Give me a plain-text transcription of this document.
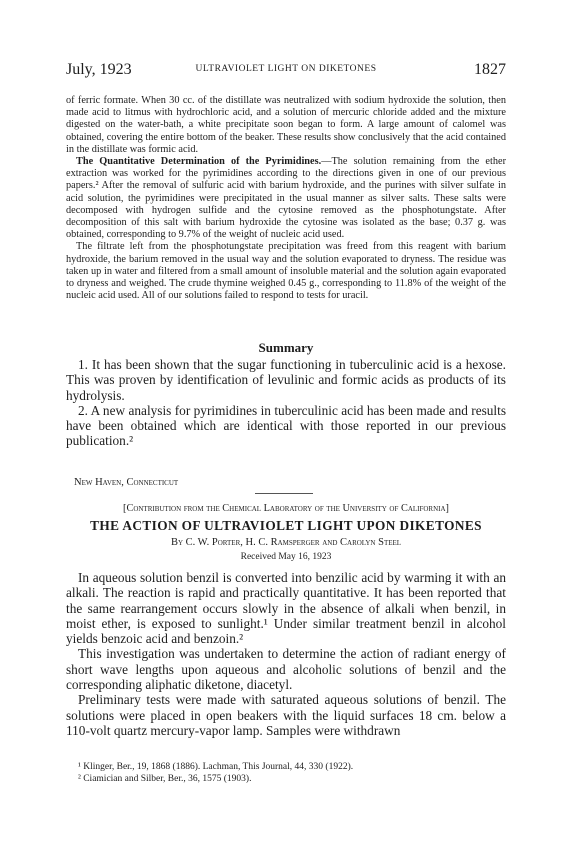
July, 1923	ULTRAVIOLET LIGHT ON DIKETONES	1827

of ferric formate. When 30 cc. of the distillate was neutralized with sodium hydroxide the solution, then made acid to litmus with hydrochloric acid, and a solution of mercuric chloride added and the mixture digested on the water-bath, a white precipitate soon began to form. A large amount of calomel was obtained, covering the entire bottom of the beaker. These results show conclusively that the acid contained in the distillate was formic acid.

The Quantitative Determination of the Pyrimidines.—The solution remaining from the ether extraction was worked for the pyrimidines according to the directions given in one of our previous papers.² After the removal of sulfuric acid with barium hydroxide, and the purines with silver sulfate in acid solution, the pyrimidines were precipitated in the usual manner as silver salts. These salts were decomposed with hydrogen sulfide and the cytosine removed as the phosphotungstate. After decomposition of this salt with barium hydroxide the cytosine was isolated as the base; 0.37 g. was obtained, corresponding to 9.7% of the weight of nucleic acid used.

The filtrate left from the phosphotungstate precipitation was freed from this reagent with barium hydroxide, the barium removed in the usual way and the solution evaporated to dryness. The residue was taken up in water and filtered from a small amount of insoluble material and the solution again evaporated to dryness and weighed. The crude thymine weighed 0.45 g., corresponding to 11.8% of the weight of the nucleic acid used. All of our solutions failed to respond to tests for uracil.

Summary

1. It has been shown that the sugar functioning in tuberculinic acid is a hexose. This was proven by identification of levulinic and formic acids as products of its hydrolysis.

2. A new analysis for pyrimidines in tuberculinic acid has been made and results have been obtained which are identical with those reported in our previous publication.²

New Haven, Connecticut
[Contribution from the Chemical Laboratory of the University of California]
THE ACTION OF ULTRAVIOLET LIGHT UPON DIKETONES
By C. W. Porter, H. C. Ramsperger and Carolyn Steel
Received May 16, 1923

In aqueous solution benzil is converted into benzilic acid by warming it with an alkali. The reaction is rapid and practically quantitative. It has been reported that the same rearrangement occurs slowly in the absence of alkali when benzil, in moist ether, is exposed to sunlight.¹ Under similar treatment benzil in alcohol yields benzoic acid and benzoin.²

This investigation was undertaken to determine the action of radiant energy of short wave lengths upon aqueous and alcoholic solutions of benzil and the corresponding aliphatic diketone, diacetyl.

Preliminary tests were made with saturated aqueous solutions of benzil. The solutions were placed in open beakers with the liquid surfaces 18 cm. below a 110-volt quartz mercury-vapor lamp. Samples were withdrawn

¹ Klinger, Ber., 19, 1868 (1886). Lachman, This Journal, 44, 330 (1922).

² Ciamician and Silber, Ber., 36, 1575 (1903).
